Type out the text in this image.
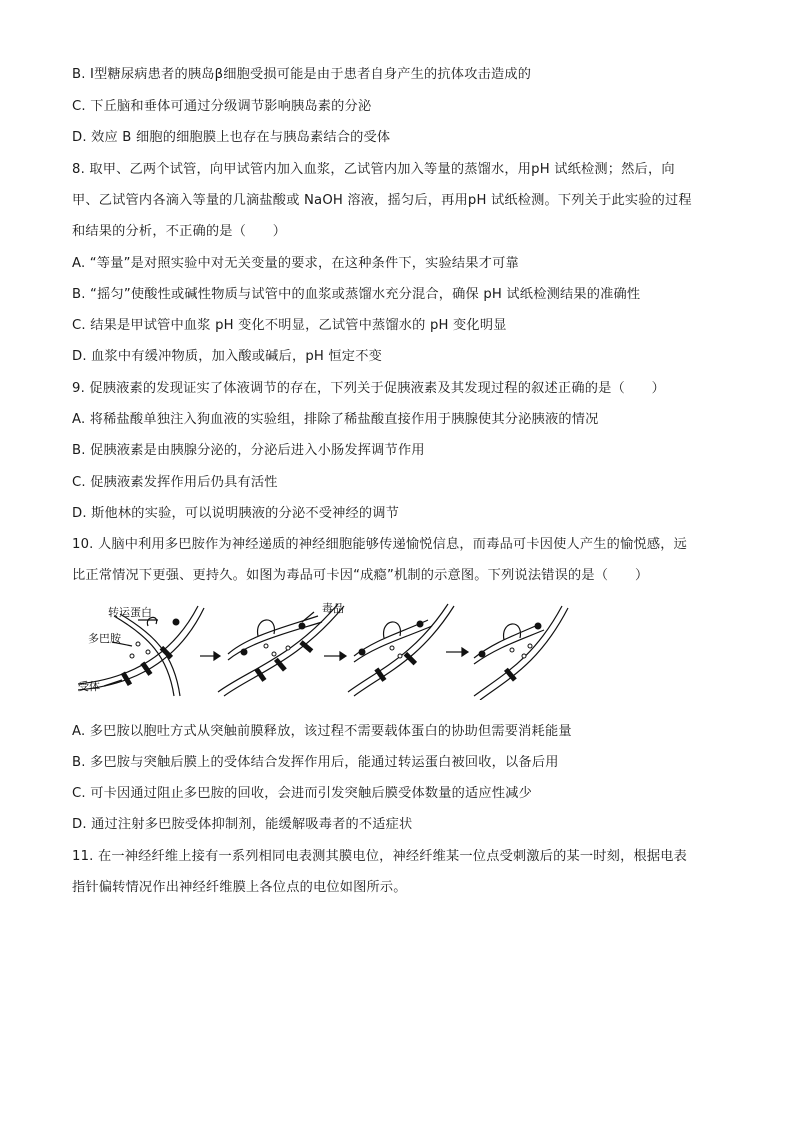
B. Ⅰ型糖尿病患者的胰岛β细胞受损可能是由于患者自身产生的抗体攻击造成的
C. 下丘脑和垂体可通过分级调节影响胰岛素的分泌
D. 效应 B 细胞的细胞膜上也存在与胰岛素结合的受体
8. 取甲、乙两个试管，向甲试管内加入血浆，乙试管内加入等量的蒸馏水，用pH 试纸检测；然后，向
甲、乙试管内各滴入等量的几滴盐酸或 NaOH 溶液，摇匀后，再用pH 试纸检测。下列关于此实验的过程
和结果的分析，不正确的是（　　）
A. “等量”是对照实验中对无关变量的要求，在这种条件下，实验结果才可靠
B. “摇匀”使酸性或碱性物质与试管中的血浆或蒸馏水充分混合，确保 pH 试纸检测结果的准确性
C. 结果是甲试管中血浆 pH 变化不明显，乙试管中蒸馏水的 pH 变化明显
D. 血浆中有缓冲物质，加入酸或碱后，pH 恒定不变
9. 促胰液素的发现证实了体液调节的存在，下列关于促胰液素及其发现过程的叙述正确的是（　　）
A. 将稀盐酸单独注入狗血液的实验组，排除了稀盐酸直接作用于胰腺使其分泌胰液的情况
B. 促胰液素是由胰腺分泌的，分泌后进入小肠发挥调节作用
C. 促胰液素发挥作用后仍具有活性
D. 斯他林的实验，可以说明胰液的分泌不受神经的调节
10. 人脑中利用多巴胺作为神经递质的神经细胞能够传递愉悦信息，而毒品可卡因使人产生的愉悦感，远
比正常情况下更强、更持久。如图为毒品可卡因“成瘾”机制的示意图。下列说法错误的是（　　）
转运蛋白
多巴胺
受体
毒品
A. 多巴胺以胞吐方式从突触前膜释放，该过程不需要载体蛋白的协助但需要消耗能量
B. 多巴胺与突触后膜上的受体结合发挥作用后，能通过转运蛋白被回收，以备后用
C. 可卡因通过阻止多巴胺的回收，会进而引发突触后膜受体数量的适应性减少
D. 通过注射多巴胺受体抑制剂，能缓解吸毒者的不适症状
11. 在一神经纤维上接有一系列相同电表测其膜电位，神经纤维某一位点受刺激后的某一时刻，根据电表
指针偏转情况作出神经纤维膜上各位点的电位如图所示。
